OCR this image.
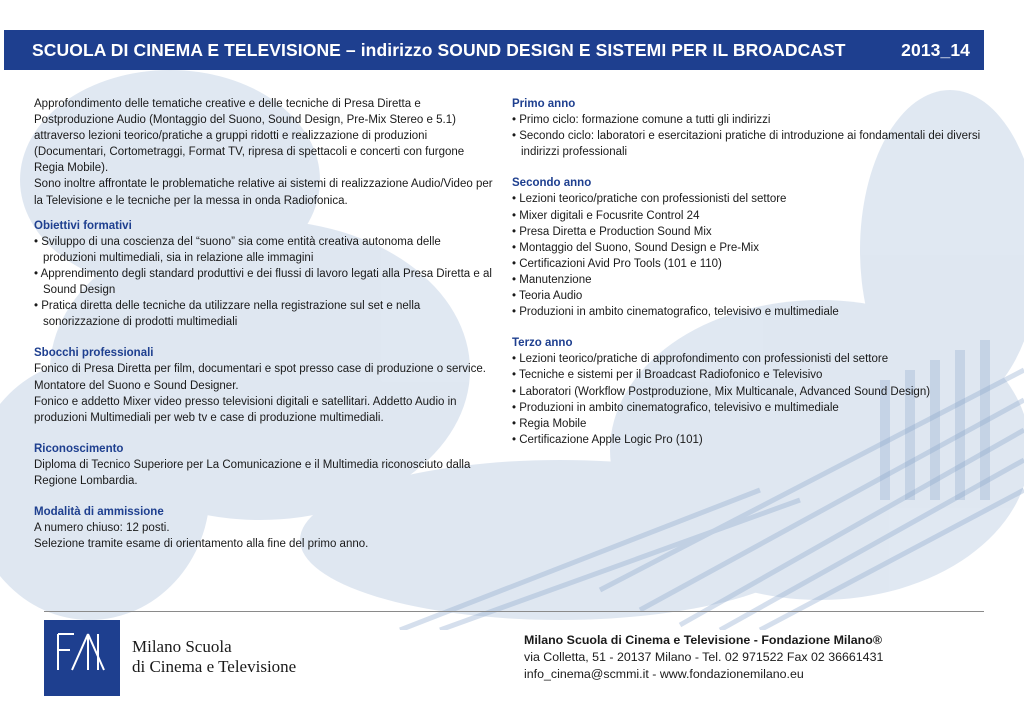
SCUOLA DI CINEMA E TELEVISIONE – indirizzo SOUND DESIGN E SISTEMI PER IL BROADCAST	2013_14

Approfondimento delle tematiche creative e delle tecniche di Presa Diretta e Postproduzione Audio (Montaggio del Suono, Sound Design, Pre-Mix Stereo e 5.1) attraverso lezioni teorico/pratiche a gruppi ridotti e realizzazione di produzioni (Documentari, Cortometraggi, Format TV, ripresa di spettacoli e concerti con furgone Regia Mobile).

Sono inoltre affrontate le problematiche relative ai sistemi di realizzazione Audio/Video per la Televisione e le tecniche per la messa in onda Radiofonica.

Obiettivi formativi

• Sviluppo di una coscienza del “suono” sia come entità creativa autonoma delle produzioni multimediali, sia in relazione alle immagini

• Apprendimento degli standard produttivi e dei flussi di lavoro legati alla Presa Diretta e al Sound Design

• Pratica diretta delle tecniche da utilizzare nella registrazione sul set e nella sonorizzazione di prodotti multimediali

Sbocchi professionali

Fonico di Presa Diretta per film, documentari e spot presso case di produzione o service. Montatore del Suono e Sound Designer.

Fonico e addetto Mixer video presso televisioni digitali e satellitari. Addetto Audio in produzioni Multimediali per web tv e case di produzione multimediali.

Riconoscimento

Diploma di Tecnico Superiore per La Comunicazione e il Multimedia riconosciuto dalla Regione Lombardia.

Modalità di ammissione

A numero chiuso: 12 posti.

Selezione tramite esame di orientamento alla fine del primo anno.

Primo anno

• Primo ciclo: formazione comune a tutti gli indirizzi

• Secondo ciclo: laboratori e esercitazioni pratiche di introduzione ai fondamentali dei diversi indirizzi professionali

Secondo anno

• Lezioni teorico/pratiche con professionisti del settore

• Mixer digitali e Focusrite Control 24

• Presa Diretta e Production Sound Mix

• Montaggio del Suono, Sound Design e Pre-Mix

• Certificazioni Avid Pro Tools (101 e 110)

• Manutenzione

• Teoria Audio

• Produzioni in ambito cinematografico, televisivo e multimediale

Terzo anno

• Lezioni teorico/pratiche di approfondimento con professionisti del settore

• Tecniche e sistemi per il Broadcast Radiofonico e Televisivo

• Laboratori (Workflow Postproduzione, Mix Multicanale, Advanced Sound Design)

• Produzioni in ambito cinematografico, televisivo e multimediale

• Regia Mobile

• Certificazione Apple Logic Pro (101)

Milano Scuola
di Cinema e Televisione

Milano Scuola di Cinema e Televisione - Fondazione Milano®

via Colletta, 51 - 20137 Milano - Tel. 02 971522 Fax 02 36661431

info_cinema@scmmi.it - www.fondazionemilano.eu
